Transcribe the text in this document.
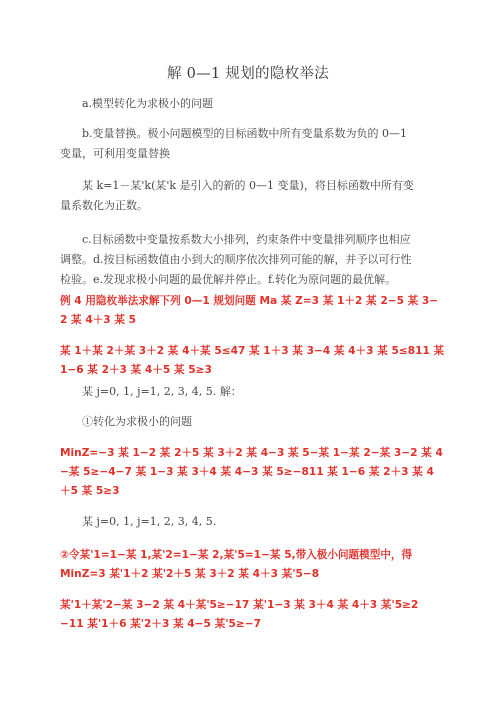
解 0—1 规划的隐枚举法
a.模型转化为求极小的问题
b.变量替换。极小问题模型的目标函数中所有变量系数为负的 0—1
变量，可利用变量替换
某 k=1－某'k(某'k 是引入的新的 0—1 变量)，将目标函数中所有变
量系数化为正数。
c.目标函数中变量按系数大小排列，约束条件中变量排列顺序也相应
调整。d.按目标函数值由小到大的顺序依次排列可能的解，并予以可行性
检验。e.发现求极小问题的最优解并停止。f.转化为原问题的最优解。
例 4 用隐枚举法求解下列 0—1 规划问题 Ma 某 Z=3 某 1＋2 某 2−5 某 3−
2 某 4＋3 某 5
某 1＋某 2＋某 3＋2 某 4＋某 5≤47 某 1＋3 某 3−4 某 4＋3 某 5≤811 某
1−6 某 2＋3 某 4＋5 某 5≥3
某 j=0, 1, j=1, 2, 3, 4, 5. 解：
①转化为求极小的问题
MinZ=−3 某 1−2 某 2＋5 某 3＋2 某 4−3 某 5−某 1−某 2−某 3−2 某 4
−某 5≥−4−7 某 1−3 某 3＋4 某 4−3 某 5≥−811 某 1−6 某 2＋3 某 4
＋5 某 5≥3
某 j=0, 1, j=1, 2, 3, 4, 5.
②令某'1=1−某 1,某'2=1−某 2,某'5=1−某 5,带入极小问题模型中，得
MinZ=3 某'1＋2 某'2＋5 某 3＋2 某 4＋3 某'5−8
某'1＋某'2−某 3−2 某 4＋某'5≥−17 某'1−3 某 3＋4 某 4＋3 某'5≥2
−11 某'1＋6 某'2＋3 某 4−5 某'5≥−7
